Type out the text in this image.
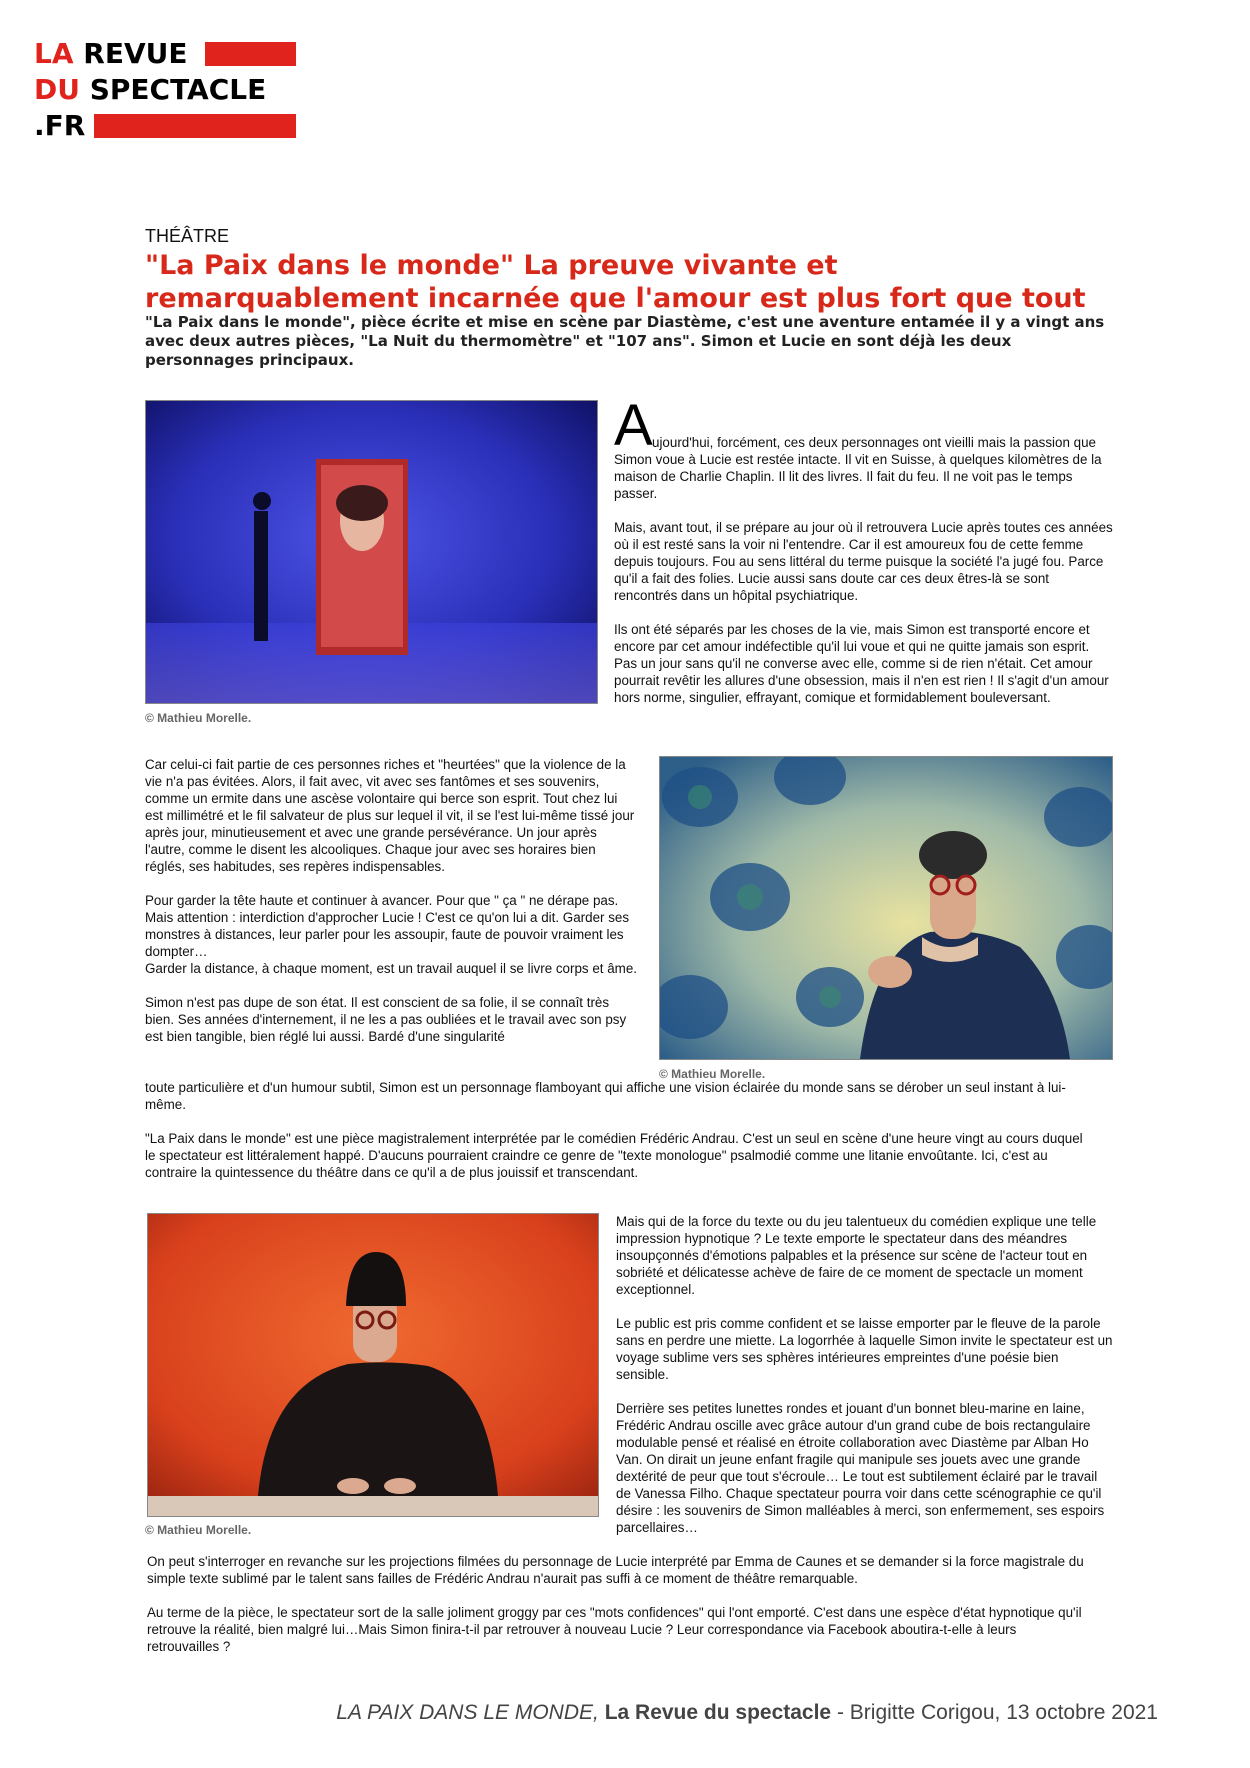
LA REVUE
DU SPECTACLE
.FR
THÉÂTRE
"La Paix dans le monde" La preuve vivante et remarquablement incarnée que l'amour est plus fort que tout
"La Paix dans le monde", pièce écrite et mise en scène par Diastème, c'est une aventure entamée il y a vingt ans avec deux autres pièces, "La Nuit du thermomètre" et "107 ans". Simon et Lucie en sont déjà les deux personnages principaux.
© Mathieu Morelle.
A ujourd'hui, forcément, ces deux personnages ont vieilli mais la passion que Simon voue à Lucie est restée intacte. Il vit en Suisse, à quelques kilomètres de la maison de Charlie Chaplin. Il lit des livres. Il fait du feu. Il ne voit pas le temps passer.

Mais, avant tout, il se prépare au jour où il retrouvera Lucie après toutes ces années où il est resté sans la voir ni l'entendre. Car il est amoureux fou de cette femme depuis toujours. Fou au sens littéral du terme puisque la société l'a jugé fou. Parce qu'il a fait des folies. Lucie aussi sans doute car ces deux êtres-là se sont rencontrés dans un hôpital psychiatrique.

Ils ont été séparés par les choses de la vie, mais Simon est transporté encore et encore par cet amour indéfectible qu'il lui voue et qui ne quitte jamais son esprit. Pas un jour sans qu'il ne converse avec elle, comme si de rien n'était. Cet amour pourrait revêtir les allures d'une obsession, mais il n'en est rien ! Il s'agit d'un amour hors norme, singulier, effrayant, comique et formidablement bouleversant.

Car celui-ci fait partie de ces personnes riches et "heurtées" que la violence de la vie n'a pas évitées. Alors, il fait avec, vit avec ses fantômes et ses souvenirs, comme un ermite dans une ascèse volontaire qui berce son esprit. Tout chez lui est millimétré et le fil salvateur de plus sur lequel il vit, il se l'est lui-même tissé jour après jour, minutieusement et avec une grande persévérance. Un jour après l'autre, comme le disent les alcooliques. Chaque jour avec ses horaires bien réglés, ses habitudes, ses repères indispensables.

Pour garder la tête haute et continuer à avancer. Pour que " ça " ne dérape pas.

Mais attention : interdiction d'approcher Lucie ! C'est ce qu'on lui a dit. Garder ses monstres à distances, leur parler pour les assoupir, faute de pouvoir vraiment les dompter…

Garder la distance, à chaque moment, est un travail auquel il se livre corps et âme.

Simon n'est pas dupe de son état. Il est conscient de sa folie, il se connaît très bien. Ses années d'internement, il ne les a pas oubliées et le travail avec son psy est bien tangible, bien réglé lui aussi. Bardé d'une singularité

© Mathieu Morelle.

toute particulière et d'un humour subtil, Simon est un personnage flamboyant qui affiche une vision éclairée du monde sans se dérober un seul instant à lui-même.

"La Paix dans le monde" est une pièce magistralement interprétée par le comédien Frédéric Andrau. C'est un seul en scène d'une heure vingt au cours duquel le spectateur est littéralement happé. D'aucuns pourraient craindre ce genre de "texte monologue" psalmodié comme une litanie envoûtante. Ici, c'est au contraire la quintessence du théâtre dans ce qu'il a de plus jouissif et transcendant.

© Mathieu Morelle.

Mais qui de la force du texte ou du jeu talentueux du comédien explique une telle impression hypnotique ? Le texte emporte le spectateur dans des méandres insoupçonnés d'émotions palpables et la présence sur scène de l'acteur tout en sobriété et délicatesse achève de faire de ce moment de spectacle un moment exceptionnel.

Le public est pris comme confident et se laisse emporter par le fleuve de la parole sans en perdre une miette. La logorrhée à laquelle Simon invite le spectateur est un voyage sublime vers ses sphères intérieures empreintes d'une poésie bien sensible.

Derrière ses petites lunettes rondes et jouant d'un bonnet bleu-marine en laine, Frédéric Andrau oscille avec grâce autour d'un grand cube de bois rectangulaire modulable pensé et réalisé en étroite collaboration avec Diastème par Alban Ho Van. On dirait un jeune enfant fragile qui manipule ses jouets avec une grande dextérité de peur que tout s'écroule… Le tout est subtilement éclairé par le travail de Vanessa Filho. Chaque spectateur pourra voir dans cette scénographie ce qu'il désire : les souvenirs de Simon malléables à merci, son enfermement, ses espoirs parcellaires…

On peut s'interroger en revanche sur les projections filmées du personnage de Lucie interprété par Emma de Caunes et se demander si la force magistrale du simple texte sublimé par le talent sans failles de Frédéric Andrau n'aurait pas suffi à ce moment de théâtre remarquable.

Au terme de la pièce, le spectateur sort de la salle joliment groggy par ces "mots confidences" qui l'ont emporté. C'est dans une espèce d'état hypnotique qu'il retrouve la réalité, bien malgré lui…Mais Simon finira-t-il par retrouver à nouveau Lucie ? Leur correspondance via Facebook aboutira-t-elle à leurs retrouvailles ?

LA PAIX DANS LE MONDE, La Revue du spectacle - Brigitte Corigou, 13 octobre 2021
